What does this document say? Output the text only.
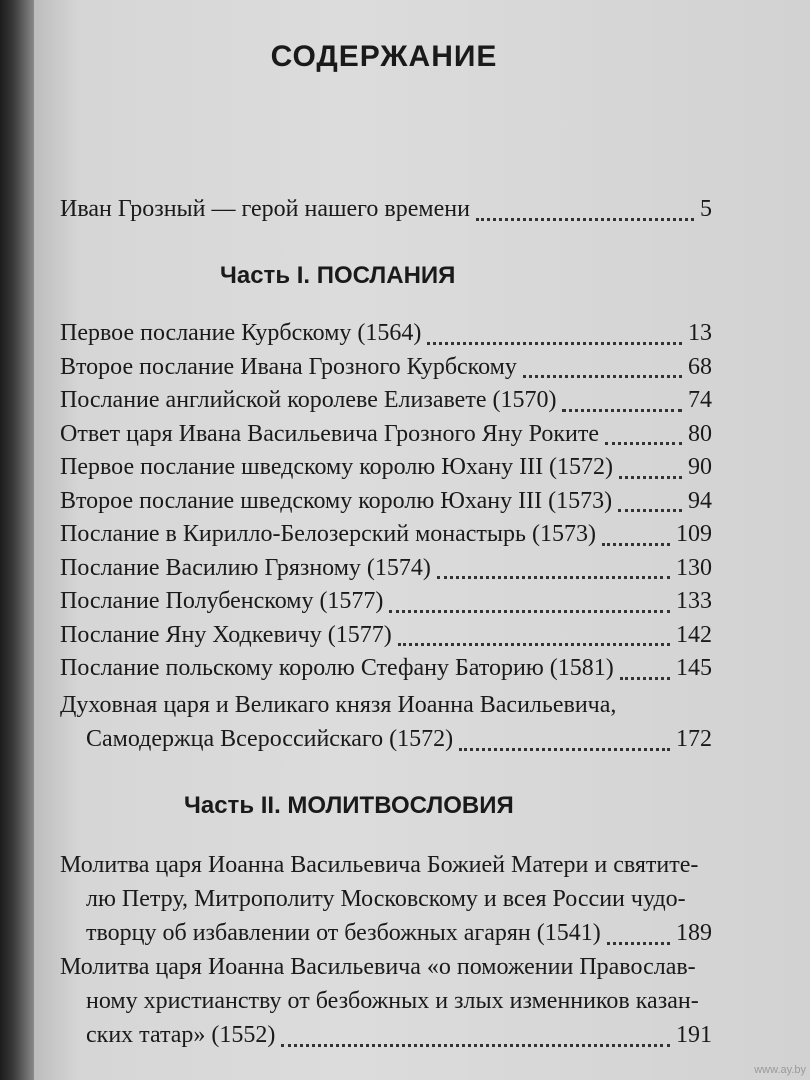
СОДЕРЖАНИЕ
Иван Грозный — герой нашего времени	5
Часть I. ПОСЛАНИЯ
Первое послание Курбскому (1564)	13
Второе послание Ивана Грозного Курбскому	68
Послание английской королеве Елизавете (1570)	74
Ответ царя Ивана Васильевича Грозного Яну Роките	80
Первое послание шведскому королю Юхану III (1572)	90
Второе послание шведскому королю Юхану III (1573)	94
Послание в Кирилло-Белозерский монастырь (1573)	109
Послание Василию Грязному (1574)	130
Послание Полубенскому (1577)	133
Послание Яну Ходкевичу (1577)	142
Послание польскому королю Стефану Баторию (1581)	145
Духовная царя и Великаго князя Иоанна Васильевича,
Самодержца Всероссийскаго (1572)	172
Часть II. МОЛИТВОСЛОВИЯ
Молитва царя Иоанна Васильевича Божией Матери и святите-
лю Петру, Митрополиту Московскому и всея России чудо-
творцу об избавлении от безбожных агарян (1541)	189
Молитва царя Иоанна Васильевича «о поможении Православ-
ному христианству от безбожных и злых изменников казан-
ских татар» (1552)	191
www.ay.by
